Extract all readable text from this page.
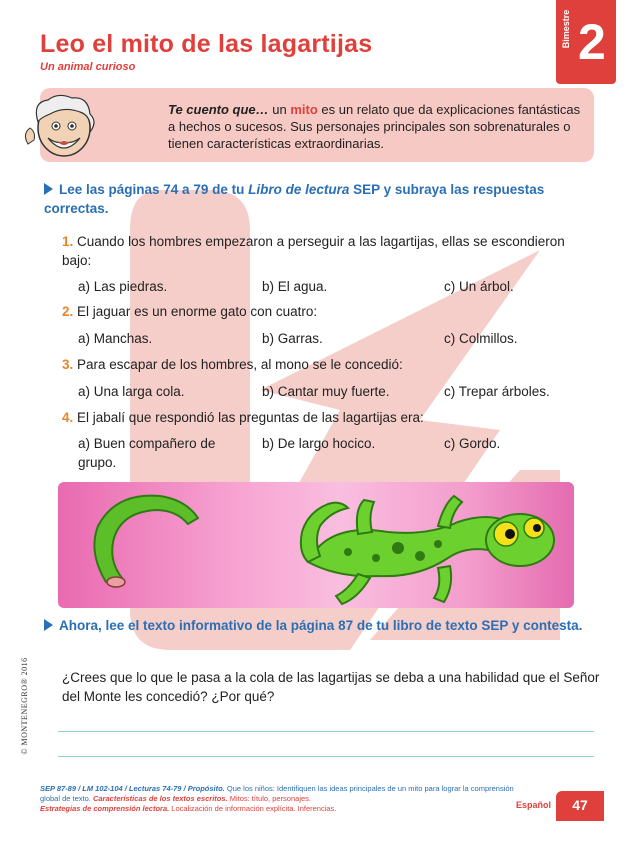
Bimestre 2
Leo el mito de las lagartijas
Un animal curioso
Te cuento que… un mito es un relato que da explicaciones fantásticas a hechos o sucesos. Sus personajes principales son sobrenaturales o tienen características extraordinarias.
Lee las páginas 74 a 79 de tu Libro de lectura SEP y subraya las respuestas correctas.
1. Cuando los hombres empezaron a perseguir a las lagartijas, ellas se escondieron bajo:
a) Las piedras.	b) El agua.	c) Un árbol.
2. El jaguar es un enorme gato con cuatro:
a) Manchas.	b) Garras.	c) Colmillos.
3. Para escapar de los hombres, al mono se le concedió:
a) Una larga cola.	b) Cantar muy fuerte.	c) Trepar árboles.
4. El jabalí que respondió las preguntas de las lagartijas era:
a) Buen compañero de grupo.
b) De largo hocico.	c) Gordo.
Ahora, lee el texto informativo de la página 87 de tu libro de texto SEP y contesta.
¿Crees que lo que le pasa a la cola de las lagartijas se deba a una habilidad que el Señor del Monte les concedió? ¿Por qué?
© MONTENEGRO® 2016
SEP 87-89 / LM 102-104 / Lecturas 74-79 / Propósito. Que los niños: Identifiquen las ideas principales de un mito para lograr la comprensión global de texto. Características de los textos escritos. Mitos: título, personajes.
Estrategias de comprensión lectora. Localización de información explícita. Inferencias.	Español	47
